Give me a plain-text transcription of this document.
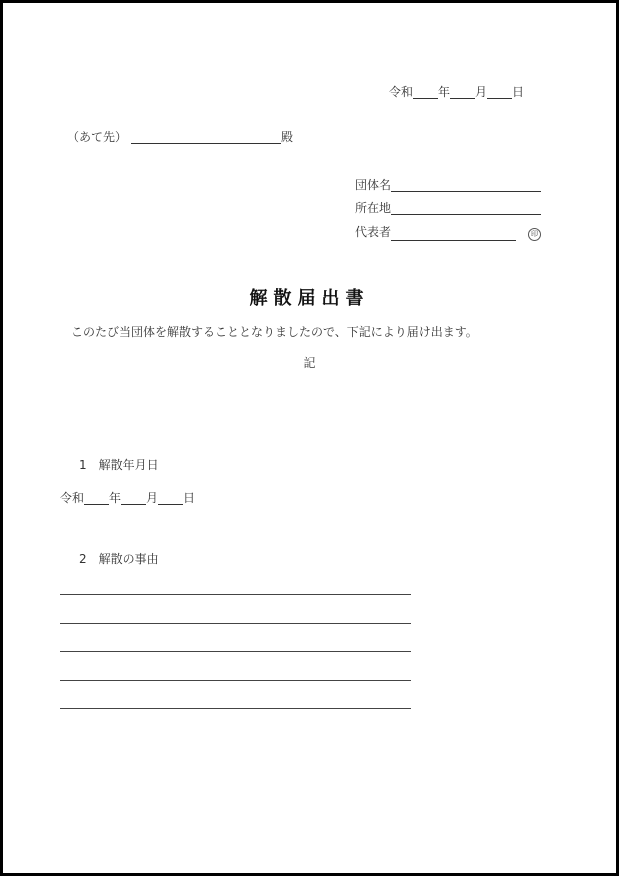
令和 年 月 日
（あて先）	殿
団体名
所在地
代表者	印
解散届出書
このたび当団体を解散することとなりましたので、下記により届け出ます。
記
1 解散年月日
令和 年 月 日
2 解散の事由
